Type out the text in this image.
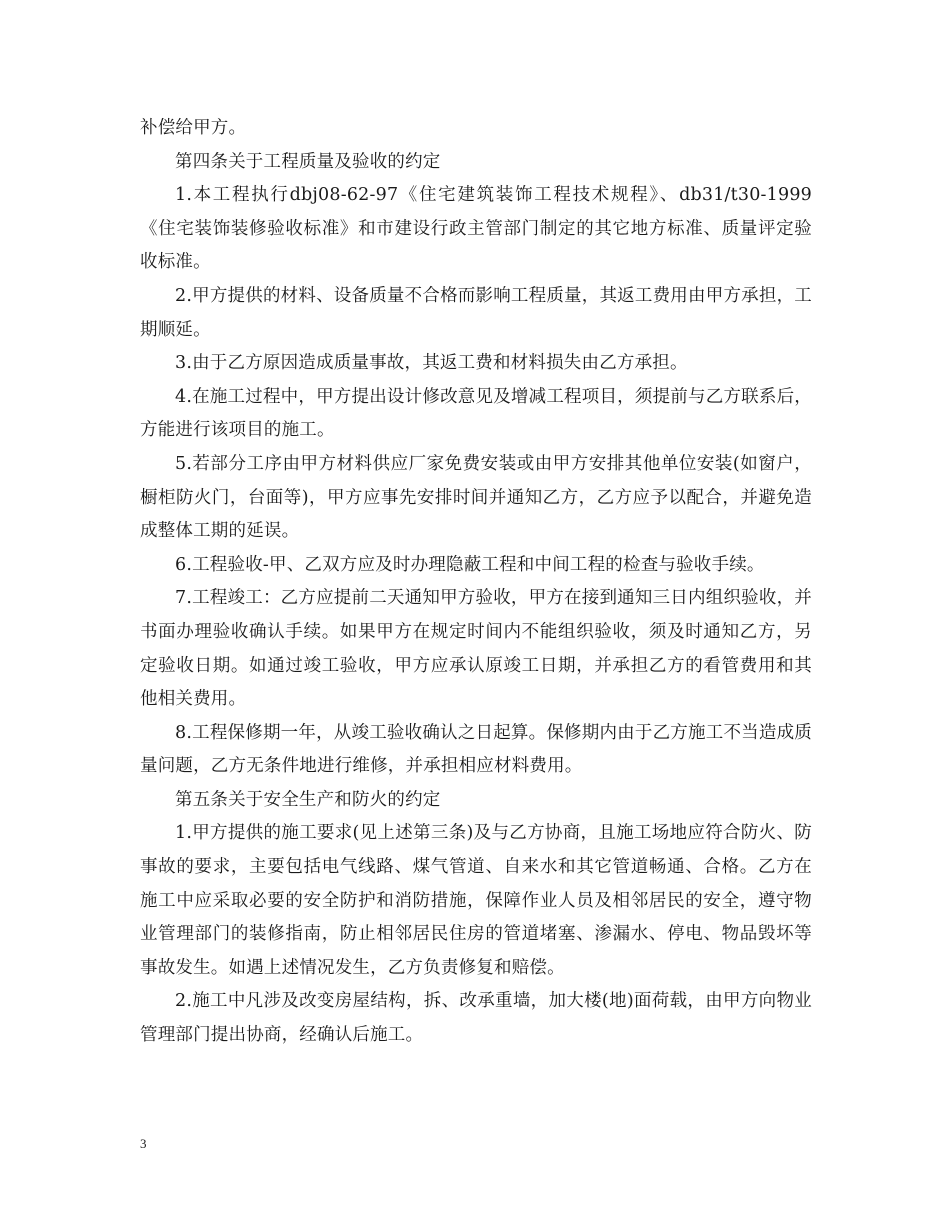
补偿给甲方。

第四条关于工程质量及验收的约定

1.本工程执行dbj08-62-97《住宅建筑装饰工程技术规程》、db31/t30-1999《住宅装饰装修验收标准》和市建设行政主管部门制定的其它地方标准、质量评定验收标准。

2.甲方提供的材料、设备质量不合格而影响工程质量，其返工费用由甲方承担，工期顺延。

3.由于乙方原因造成质量事故，其返工费和材料损失由乙方承担。

4.在施工过程中，甲方提出设计修改意见及增减工程项目，须提前与乙方联系后，方能进行该项目的施工。

5.若部分工序由甲方材料供应厂家免费安装或由甲方安排其他单位安装(如窗户，橱柜防火门，台面等)，甲方应事先安排时间并通知乙方，乙方应予以配合，并避免造成整体工期的延误。

6.工程验收-甲、乙双方应及时办理隐蔽工程和中间工程的检查与验收手续。

7.工程竣工：乙方应提前二天通知甲方验收，甲方在接到通知三日内组织验收，并书面办理验收确认手续。如果甲方在规定时间内不能组织验收，须及时通知乙方，另定验收日期。如通过竣工验收，甲方应承认原竣工日期，并承担乙方的看管费用和其他相关费用。

8.工程保修期一年，从竣工验收确认之日起算。保修期内由于乙方施工不当造成质量问题，乙方无条件地进行维修，并承担相应材料费用。

第五条关于安全生产和防火的约定

1.甲方提供的施工要求(见上述第三条)及与乙方协商，且施工场地应符合防火、防事故的要求，主要包括电气线路、煤气管道、自来水和其它管道畅通、合格。乙方在施工中应采取必要的安全防护和消防措施，保障作业人员及相邻居民的安全，遵守物业管理部门的装修指南，防止相邻居民住房的管道堵塞、渗漏水、停电、物品毁坏等事故发生。如遇上述情况发生，乙方负责修复和赔偿。

2.施工中凡涉及改变房屋结构，拆、改承重墙，加大楼(地)面荷载，由甲方向物业管理部门提出协商，经确认后施工。

3
